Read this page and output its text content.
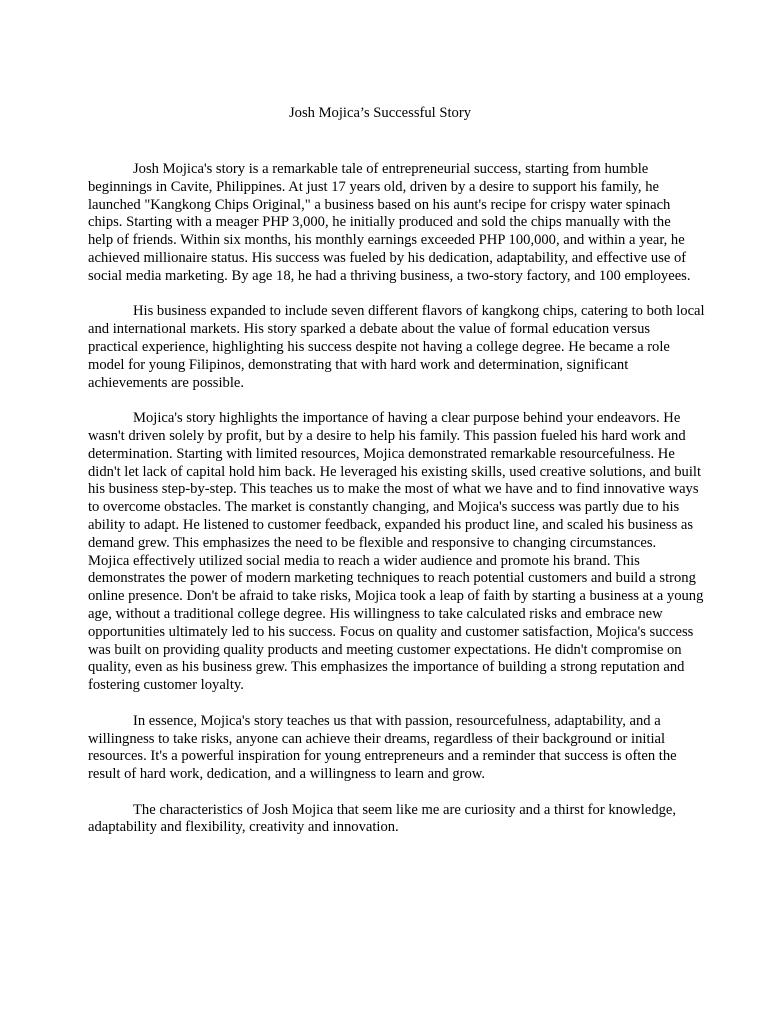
Josh Mojica’s Successful Story

Josh Mojica's story is a remarkable tale of entrepreneurial success, starting from humble
beginnings in Cavite, Philippines. At just 17 years old, driven by a desire to support his family, he
launched "Kangkong Chips Original," a business based on his aunt's recipe for crispy water spinach
chips. Starting with a meager PHP 3,000, he initially produced and sold the chips manually with the
help of friends. Within six months, his monthly earnings exceeded PHP 100,000, and within a year, he
achieved millionaire status. His success was fueled by his dedication, adaptability, and effective use of
social media marketing. By age 18, he had a thriving business, a two-story factory, and 100 employees.

His business expanded to include seven different flavors of kangkong chips, catering to both local
and international markets. His story sparked a debate about the value of formal education versus
practical experience, highlighting his success despite not having a college degree. He became a role
model for young Filipinos, demonstrating that with hard work and determination, significant
achievements are possible.

Mojica's story highlights the importance of having a clear purpose behind your endeavors. He
wasn't driven solely by profit, but by a desire to help his family. This passion fueled his hard work and
determination. Starting with limited resources, Mojica demonstrated remarkable resourcefulness. He
didn't let lack of capital hold him back. He leveraged his existing skills, used creative solutions, and built
his business step-by-step. This teaches us to make the most of what we have and to find innovative ways
to overcome obstacles. The market is constantly changing, and Mojica's success was partly due to his
ability to adapt. He listened to customer feedback, expanded his product line, and scaled his business as
demand grew. This emphasizes the need to be flexible and responsive to changing circumstances.
Mojica effectively utilized social media to reach a wider audience and promote his brand. This
demonstrates the power of modern marketing techniques to reach potential customers and build a strong
online presence. Don't be afraid to take risks, Mojica took a leap of faith by starting a business at a young
age, without a traditional college degree. His willingness to take calculated risks and embrace new
opportunities ultimately led to his success. Focus on quality and customer satisfaction, Mojica's success
was built on providing quality products and meeting customer expectations. He didn't compromise on
quality, even as his business grew. This emphasizes the importance of building a strong reputation and
fostering customer loyalty.

In essence, Mojica's story teaches us that with passion, resourcefulness, adaptability, and a
willingness to take risks, anyone can achieve their dreams, regardless of their background or initial
resources. It's a powerful inspiration for young entrepreneurs and a reminder that success is often the
result of hard work, dedication, and a willingness to learn and grow.

The characteristics of Josh Mojica that seem like me are curiosity and a thirst for knowledge,
adaptability and flexibility, creativity and innovation.
